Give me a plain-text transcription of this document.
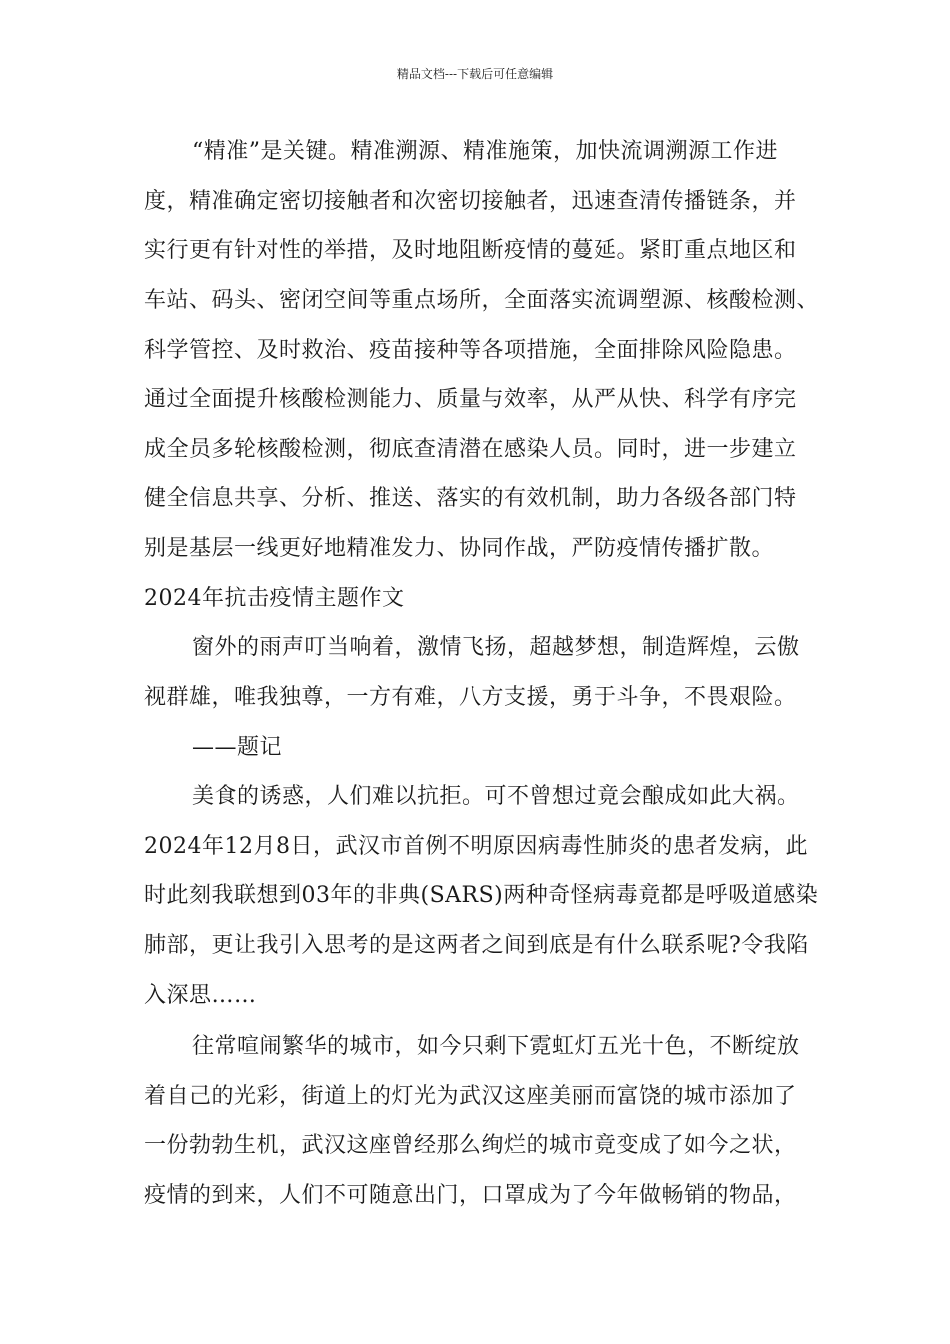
精品文档---下载后可任意编辑
“精准”是关键。精准溯源、精准施策，加快流调溯源工作进
度，精准确定密切接触者和次密切接触者，迅速查清传播链条，并
实行更有针对性的举措，及时地阻断疫情的蔓延。紧盯重点地区和
车站、码头、密闭空间等重点场所，全面落实流调塑源、核酸检测、
科学管控、及时救治、疫苗接种等各项措施，全面排除风险隐患。
通过全面提升核酸检测能力、质量与效率，从严从快、科学有序完
成全员多轮核酸检测，彻底查清潜在感染人员。同时，进一步建立
健全信息共享、分析、推送、落实的有效机制，助力各级各部门特
别是基层一线更好地精准发力、协同作战，严防疫情传播扩散。
2024年抗击疫情主题作文
窗外的雨声叮当响着，激情飞扬，超越梦想，制造辉煌，云傲
视群雄，唯我独尊，一方有难，八方支援，勇于斗争，不畏艰险。
——题记
美食的诱惑，人们难以抗拒。可不曾想过竟会酿成如此大祸。
2024年12月8日，武汉市首例不明原因病毒性肺炎的患者发病，此
时此刻我联想到03年的非典(SARS)两种奇怪病毒竟都是呼吸道感染
肺部，更让我引入思考的是这两者之间到底是有什么联系呢?令我陷
入深思……
往常喧闹繁华的城市，如今只剩下霓虹灯五光十色，不断绽放
着自己的光彩，街道上的灯光为武汉这座美丽而富饶的城市添加了
一份勃勃生机，武汉这座曾经那么绚烂的城市竟变成了如今之状，
疫情的到来，人们不可随意出门，口罩成为了今年做畅销的物品，
